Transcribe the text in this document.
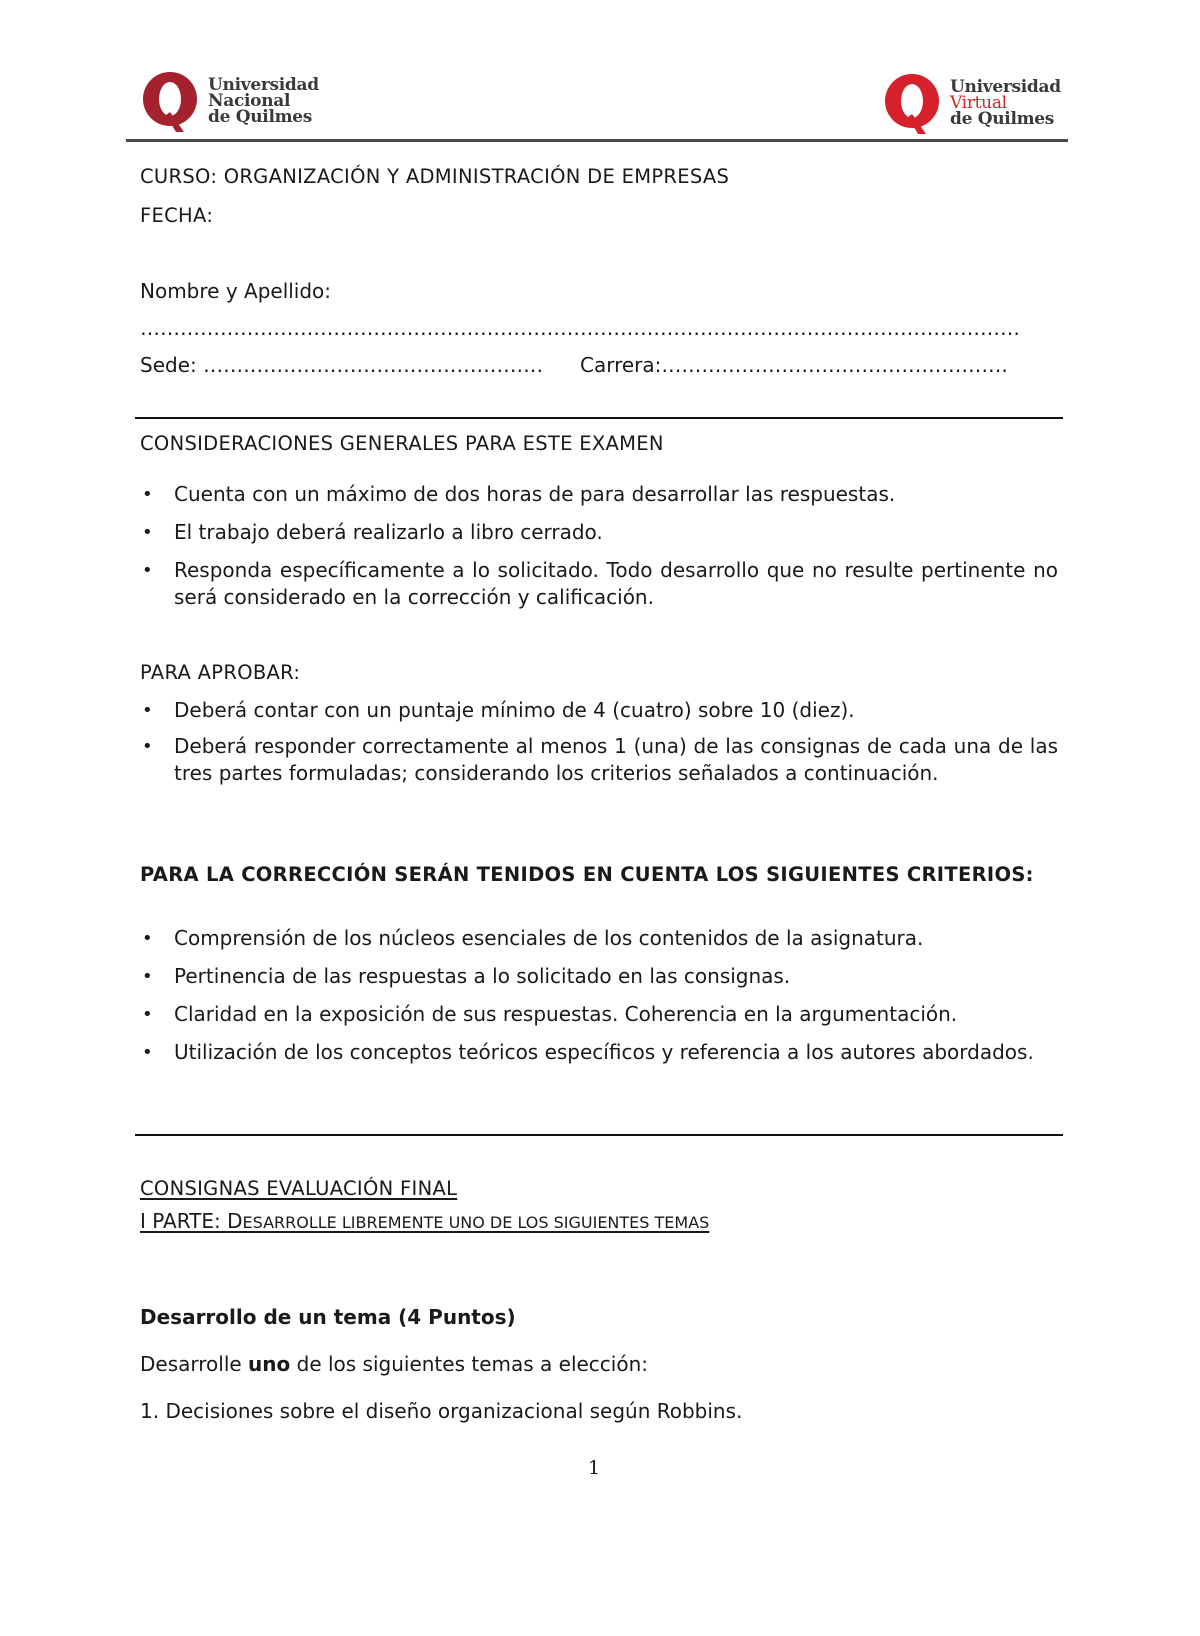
Universidad
Nacional
de Quilmes
Universidad
Virtual
de Quilmes
CURSO: ORGANIZACIÓN Y ADMINISTRACIÓN DE EMPRESAS
FECHA:
Nombre y Apellido:
……………………………………………………………………………………………………………………
Sede: …………………………………………… Carrera:…………………………………………….
CONSIDERACIONES GENERALES PARA ESTE EXAMEN
• Cuenta con un máximo de dos horas de para desarrollar las respuestas.
• El trabajo deberá realizarlo a libro cerrado.
• Responda específicamente a lo solicitado. Todo desarrollo que no resulte pertinente no será considerado en la corrección y calificación.
PARA APROBAR:
• Deberá contar con un puntaje mínimo de 4 (cuatro) sobre 10 (diez).
• Deberá responder correctamente al menos 1 (una) de las consignas de cada una de las tres partes formuladas; considerando los criterios señalados a continuación.
PARA LA CORRECCIÓN SERÁN TENIDOS EN CUENTA LOS SIGUIENTES CRITERIOS:
• Comprensión de los núcleos esenciales de los contenidos de la asignatura.
• Pertinencia de las respuestas a lo solicitado en las consignas.
• Claridad en la exposición de sus respuestas. Coherencia en la argumentación.
• Utilización de los conceptos teóricos específicos y referencia a los autores abordados.
CONSIGNAS EVALUACIÓN FINAL
I PARTE: DESARROLLE LIBREMENTE UNO DE LOS SIGUIENTES TEMAS
Desarrollo de un tema (4 Puntos)
Desarrolle uno de los siguientes temas a elección:
1. Decisiones sobre el diseño organizacional según Robbins.
1
